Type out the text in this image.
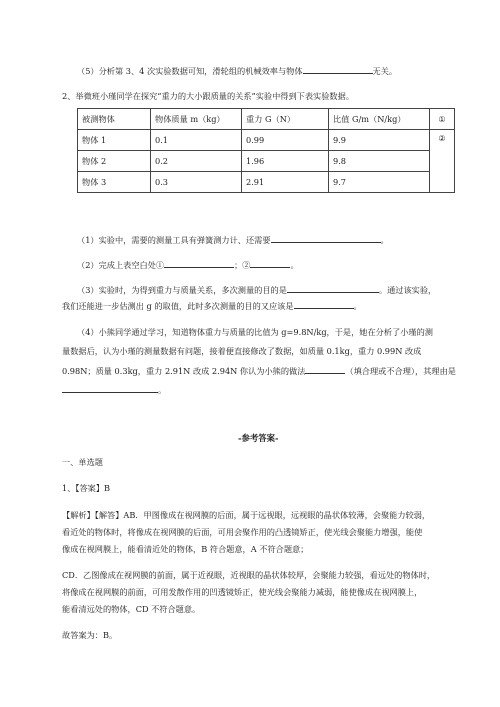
（5）分析第 3、4 次实验数据可知，滑轮组的机械效率与物体	无关。
2、举微班小瑾同学在探究“重力的大小跟质量的关系”实验中得到下表实验数据。
被测物体	物体质量 m（kg）	重力 G（N）	比值 G/m（N/kg）	①
物体 1	0.1	0.99	9.9	②
物体 2	0.2	1.96	9.8	
物体 3	0.3	2.91	9.7	
（1）实验中，需要的测量工具有弹簧测力计、还需要	。
（2）完成上表空白处①	；②	。
（3）实验时，为得到重力与质量关系，多次测量的目的是	。通过该实验，
我们还能进一步估测出 g 的取值，此时多次测量的目的又应该是	。
（4）小熊同学通过学习，知道物体重力与质量的比值为 g=9.8N/kg，于是，她在分析了小瑾的测
量数据后，认为小瑾的测量数据有问题，接着便直接修改了数据，如质量 0.1kg，重力 0.99N 改成
0.98N；质量 0.3kg，重力 2.91N 改成 2.94N 你认为小熊的做法	（填合理或不合理），其理由是
。
-参考答案-
一、单选题
1、【答案】B
【解析】【解答】AB．甲图像成在视网膜的后面，属于远视眼，远视眼的晶状体较薄，会聚能力较弱，
看近处的物体时，将像成在视网膜的后面，可用会聚作用的凸透镜矫正，使光线会聚能力增强，能使
像成在视网膜上，能看清近处的物体，B 符合题意，A 不符合题意；
CD．乙图像成在视网膜的前面，属于近视眼，近视眼的晶状体较厚，会聚能力较强，看远处的物体时，
将像成在视网膜的前面，可用发散作用的凹透镜矫正，使光线会聚能力减弱，能使像成在视网膜上，
能看清远处的物体，CD 不符合题意。
故答案为：B。
